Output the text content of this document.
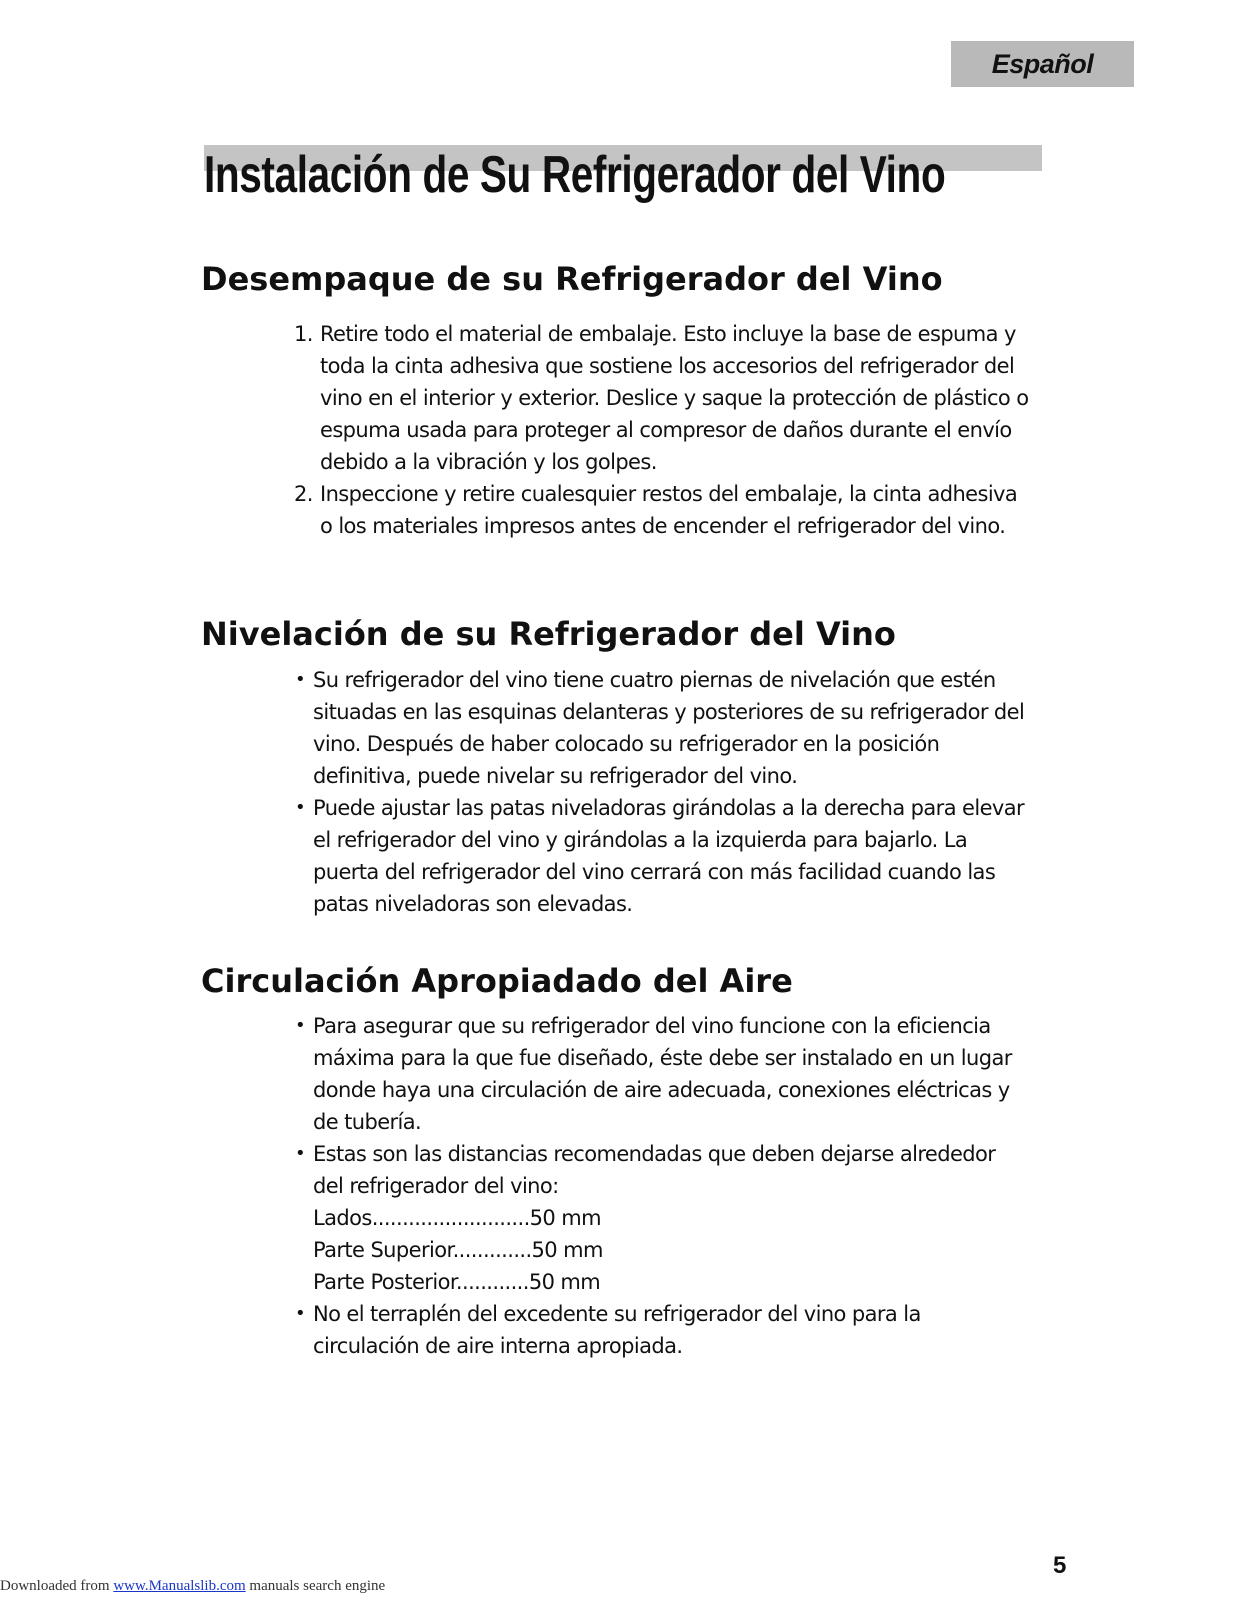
Español
Instalación de Su Refrigerador del Vino
Desempaque de su Refrigerador del Vino
1. Retire todo el material de embalaje. Esto incluye la base de espuma y toda la cinta adhesiva que sostiene los accesorios del refrigerador del vino en el interior y exterior. Deslice y saque la protección de plástico o espuma usada para proteger al compresor de daños durante el envío debido a la vibración y los golpes.
2. Inspeccione y retire cualesquier restos del embalaje, la cinta adhesiva o los materiales impresos antes de encender el refrigerador del vino.
Nivelación de su Refrigerador del Vino
• Su refrigerador del vino tiene cuatro piernas de nivelación que estén situadas en las esquinas delanteras y posteriores de su refrigerador del vino. Después de haber colocado su refrigerador en la posición definitiva, puede nivelar su refrigerador del vino.
• Puede ajustar las patas niveladoras girándolas a la derecha para elevar el refrigerador del vino y girándolas a la izquierda para bajarlo. La puerta del refrigerador del vino cerrará con más facilidad cuando las patas niveladoras son elevadas.
Circulación Apropiadado del Aire
• Para asegurar que su refrigerador del vino funcione con la eficiencia máxima para la que fue diseñado, éste debe ser instalado en un lugar donde haya una circulación de aire adecuada, conexiones eléctricas y de tubería.
• Estas son las distancias recomendadas que deben dejarse alrededor del refrigerador del vino:
Lados..........................50 mm
Parte Superior.............50 mm
Parte Posterior............50 mm
• No el terraplén del excedente su refrigerador del vino para la circulación de aire interna apropiada.
5
Downloaded from www.Manualslib.com manuals search engine
